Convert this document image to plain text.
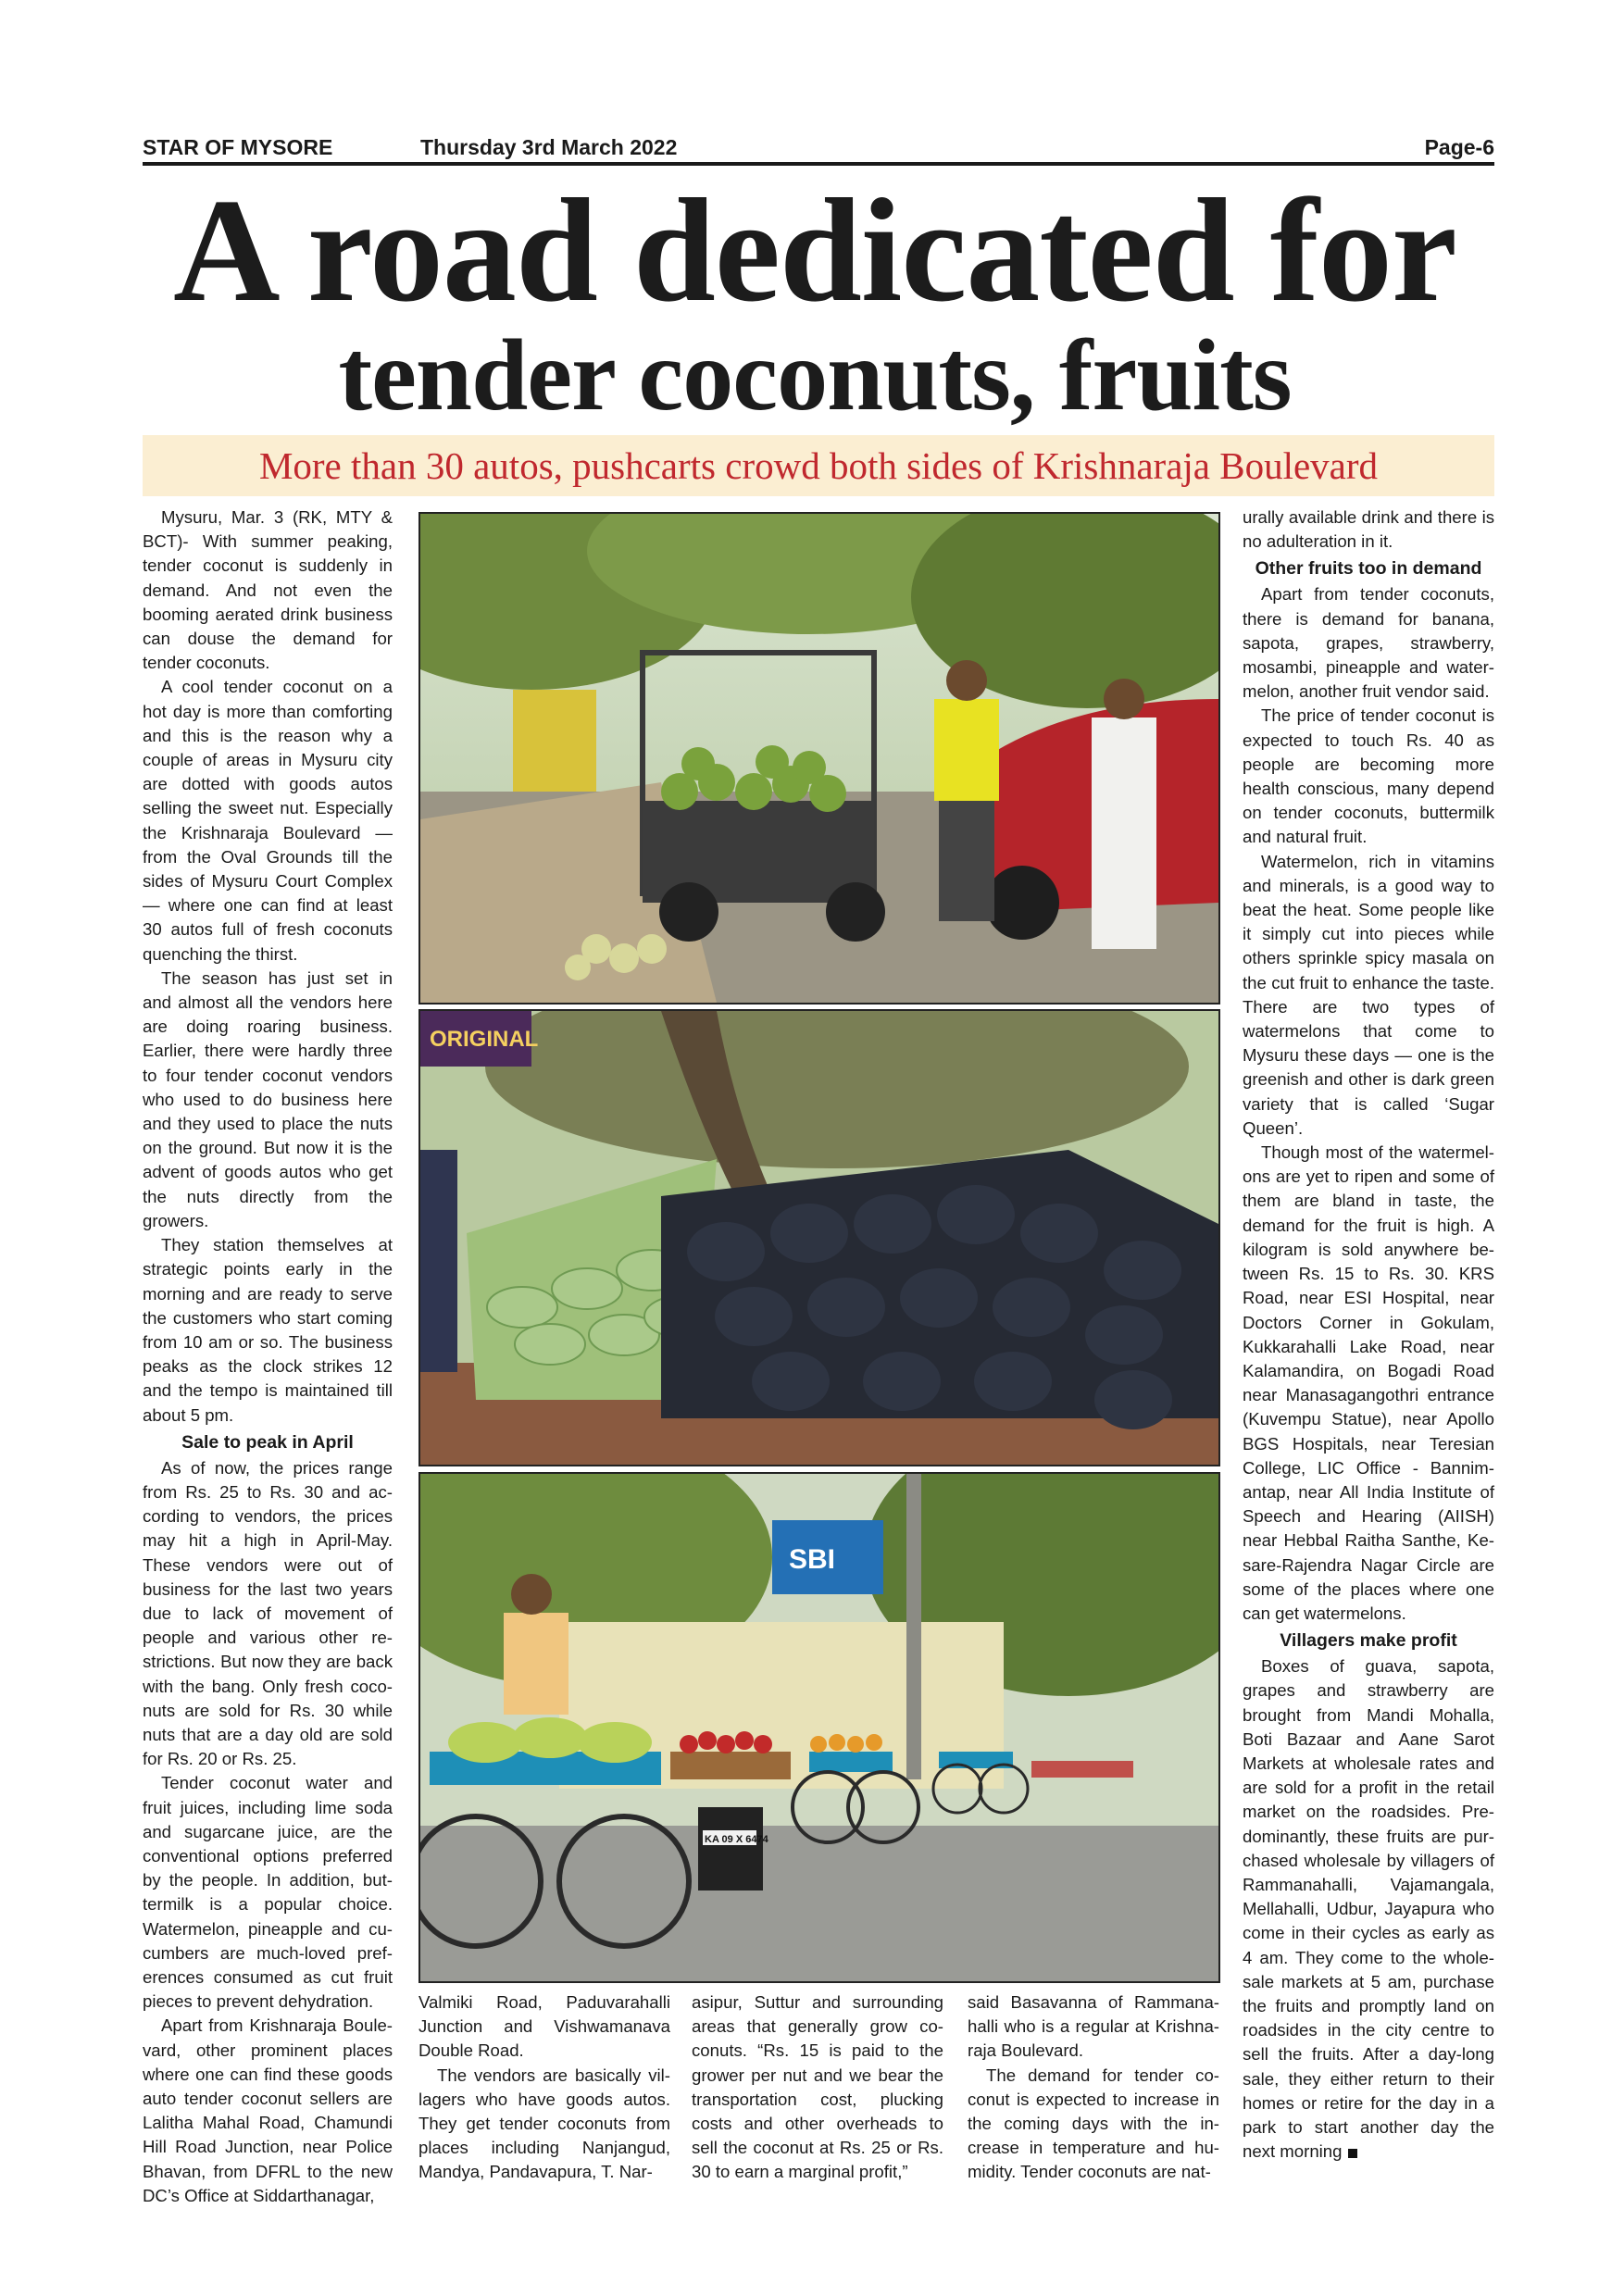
STAR OF MYSORE	Thursday 3rd March 2022	Page-6
A road dedicated for
tender coconuts, fruits
More than 30 autos, pushcarts crowd both sides of Krishnaraja Boulevard

Mysuru, Mar. 3 (RK, MTY & BCT)- With summer peaking, tender coconut is suddenly in demand. And not even the booming aerated drink business can douse the demand for tender coconuts.

A cool tender coconut on a hot day is more than comforting and this is the reason why a couple of areas in Mysuru city are dotted with goods autos selling the sweet nut. Especially the Krishnaraja Boulevard — from the Oval Grounds till the sides of Mysuru Court Complex — where one can find at least 30 autos full of fresh coconuts quenching the thirst.

The season has just set in and almost all the vendors here are doing roaring business. Earlier, there were hardly three to four tender coconut vendors who used to do business here and they used to place the nuts on the ground. But now it is the advent of goods autos who get the nuts directly from the growers.

They station themselves at strategic points early in the morning and are ready to serve the customers who start coming from 10 am or so. The business peaks as the clock strikes 12 and the tempo is maintained till about 5 pm.

Sale to peak in April

As of now, the prices range from Rs. 25 to Rs. 30 and according to vendors, the prices may hit a high in April-May. These vendors were out of business for the last two years due to lack of movement of people and various other restrictions. But now they are back with the bang. Only fresh coconuts are sold for Rs. 30 while nuts that are a day old are sold for Rs. 20 or Rs. 25.

Tender coconut water and fruit juices, including lime soda and sugarcane juice, are the conventional options preferred by the people. In addition, buttermilk is a popular choice. Watermelon, pineapple and cucumbers are much-loved preferences consumed as cut fruit pieces to prevent dehydration.

Apart from Krishnaraja Boulevard, other prominent places where one can find these goods auto tender coconut sellers are Lalitha Mahal Road, Chamundi Hill Road Junction, near Police Bhavan, from DFRL to the new DC’s Office at Siddarthanagar,

ORIGINAL
SBI
KA 09 X 6474

Valmiki Road, Paduvarahalli Junction and Vishwamanava Double Road.

The vendors are basically villagers who have goods autos. They get tender coconuts from places including Nanjangud, Mandya, Pandavapura, T. Nar-

asipur, Suttur and surrounding areas that generally grow coconuts. “Rs. 15 is paid to the grower per nut and we bear the transportation cost, plucking costs and other overheads to sell the coconut at Rs. 25 or Rs. 30 to earn a marginal profit,”

said Basavanna of Rammanahalli who is a regular at Krishnaraja Boulevard.

The demand for tender coconut is expected to increase in the coming days with the increase in temperature and humidity. Tender coconuts are nat-

urally available drink and there is no adulteration in it.

Other fruits too in demand

Apart from tender coconuts, there is demand for banana, sapota, grapes, strawberry, mosambi, pineapple and watermelon, another fruit vendor said.

The price of tender coconut is expected to touch Rs. 40 as people are becoming more health conscious, many depend on tender coconuts, buttermilk and natural fruit.

Watermelon, rich in vitamins and minerals, is a good way to beat the heat. Some people like it simply cut into pieces while others sprinkle spicy masala on the cut fruit to enhance the taste. There are two types of watermelons that come to Mysuru these days — one is the greenish and other is dark green variety that is called ‘Sugar Queen’.

Though most of the watermelons are yet to ripen and some of them are bland in taste, the demand for the fruit is high. A kilogram is sold anywhere between Rs. 15 to Rs. 30. KRS Road, near ESI Hospital, near Doctors Corner in Gokulam, Kukkarahalli Lake Road, near Kalamandira, on Bogadi Road near Manasagangothri entrance (Kuvempu Statue), near Apollo BGS Hospitals, near Teresian College, LIC Office - Bannimantap, near All India Institute of Speech and Hearing (AIISH) near Hebbal Raitha Santhe, Kesare-Rajendra Nagar Circle are some of the places where one can get watermelons.

Villagers make profit

Boxes of guava, sapota, grapes and strawberry are brought from Mandi Mohalla, Boti Bazaar and Aane Sarot Markets at wholesale rates and are sold for a profit in the retail market on the roadsides. Predominantly, these fruits are purchased wholesale by villagers of Rammanahalli, Vajamangala, Mellahalli, Udbur, Jayapura who come in their cycles as early as 4 am. They come to the wholesale markets at 5 am, purchase the fruits and promptly land on roadsides in the city centre to sell the fruits. After a day-long sale, they either return to their homes or retire for the day in a park to start another day the next morning
